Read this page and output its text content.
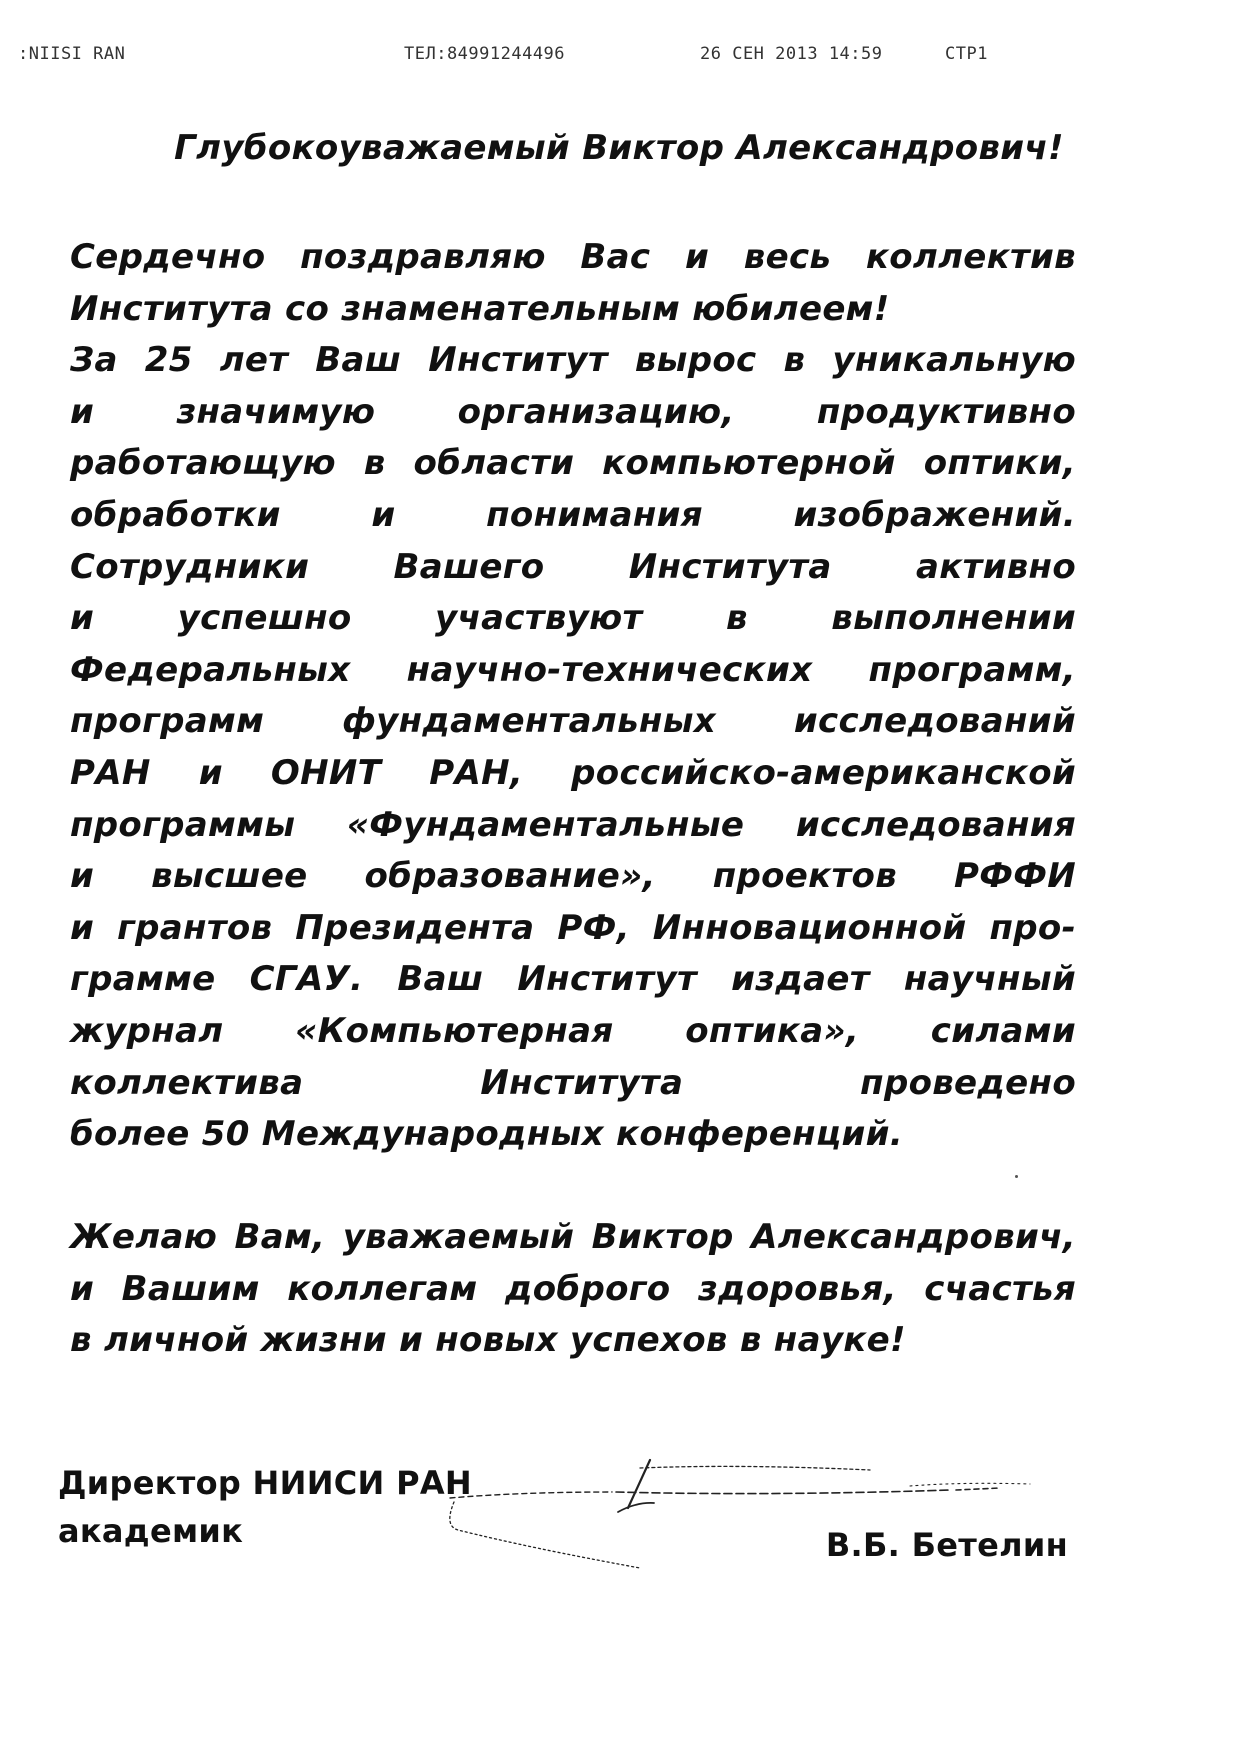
:NIISI RAN	ТЕЛ:84991244496	26 СЕН 2013 14:59	СТР1
Глубокоуважаемый Виктор Александрович!
Сердечно поздравляю Вас и весь коллектив
Института со знаменательным юбилеем!
За 25 лет Ваш Институт вырос в уникальную
и значимую организацию, продуктивно
работающую в области компьютерной оптики,
обработки и понимания изображений.
Сотрудники Вашего Института активно
и успешно участвуют в выполнении
Федеральных научно-технических программ,
программ фундаментальных исследований
РАН и ОНИТ РАН, российско-американской
программы «Фундаментальные исследования
и высшее образование», проектов РФФИ
и грантов Президента РФ, Инновационной про-
грамме СГАУ. Ваш Институт издает научный
журнал «Компьютерная оптика», силами
коллектива Института проведено
более 50 Международных конференций.
Желаю Вам, уважаемый Виктор Александрович,
и Вашим коллегам доброго здоровья, счастья
в личной жизни и новых успехов в науке!
Директор НИИСИ РАН
академик	В.Б. Бетелин
